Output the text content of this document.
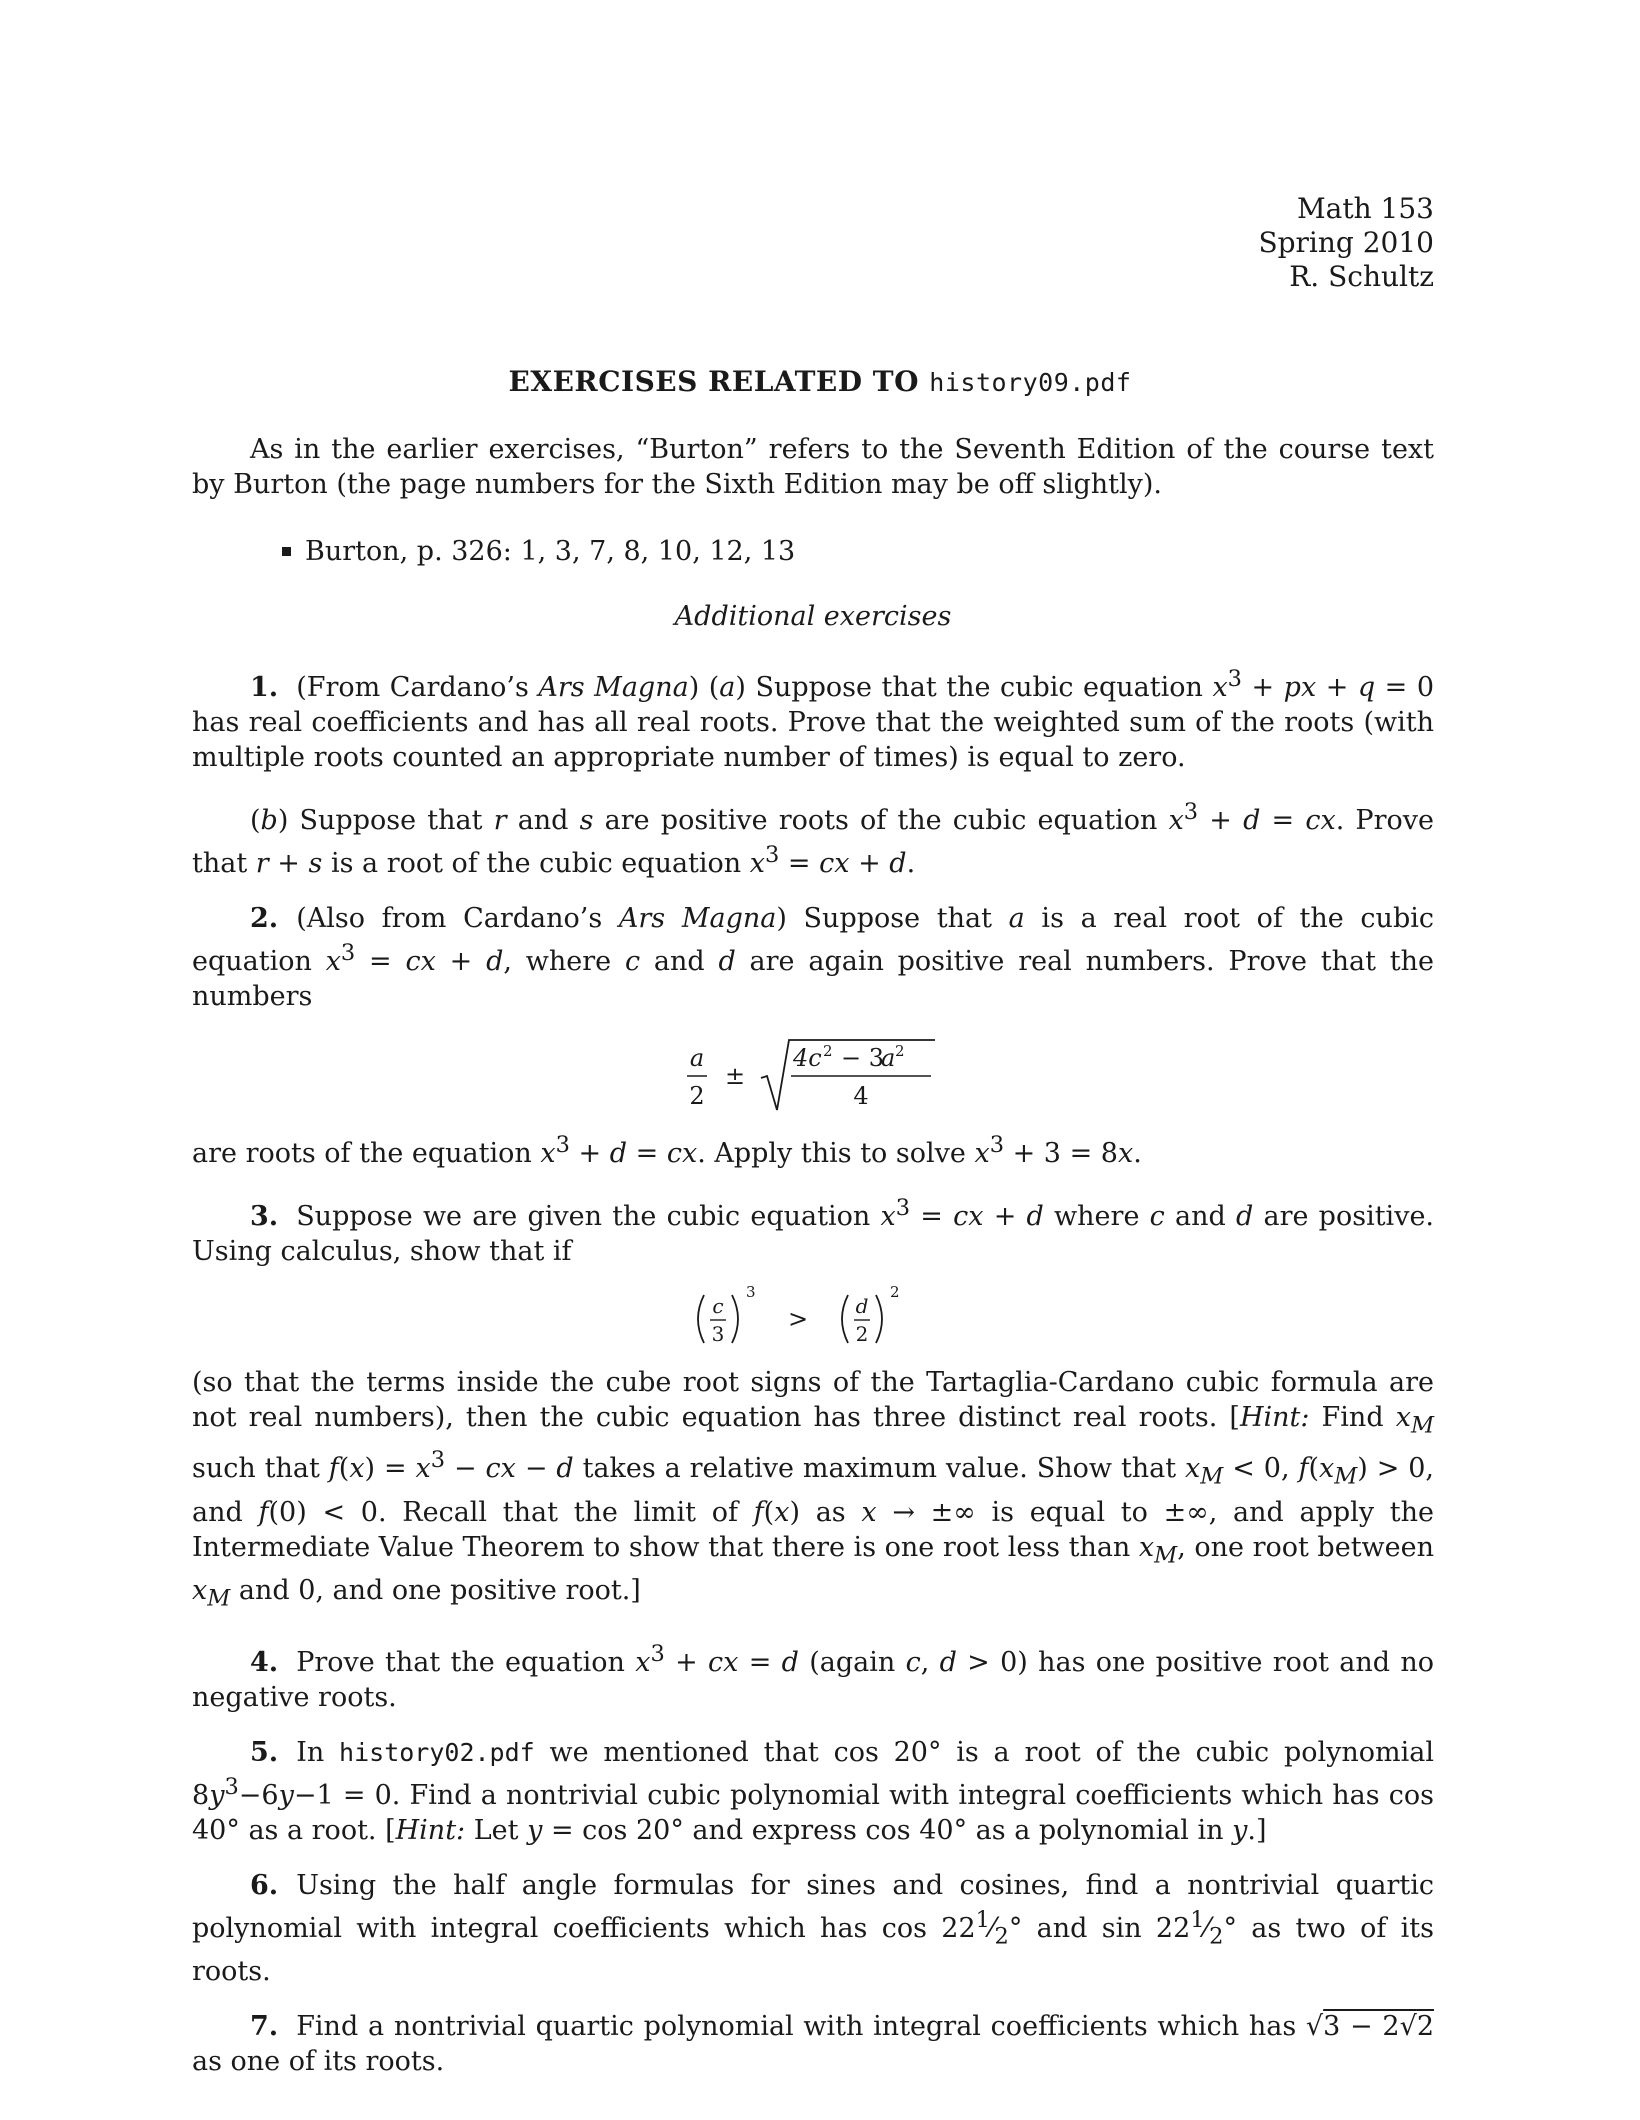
Math 153
Spring 2010
R. Schultz
EXERCISES RELATED TO history09.pdf

As in the earlier exercises, “Burton” refers to the Seventh Edition of the course text by Burton (the page numbers for the Sixth Edition may be off slightly).

Burton, p. 326: 1, 3, 7, 8, 10, 12, 13
Additional exercises

1. (From Cardano’s Ars Magna) (a) Suppose that the cubic equation $x^3$ + px + q = 0 has real coefficients and has all real roots. Prove that the weighted sum of the roots (with multiple roots counted an appropriate number of times) is equal to zero.

(b) Suppose that r and s are positive roots of the cubic equation $x^3 + d$ = cx. Prove that r + s is a root of the cubic equation $x^3$ = cx + d.

2. (Also from Cardano’s Ars Magna) Suppose that a is a real root of the cubic equation $x^3$ = cx + d, where c and d are again positive real numbers. Prove that the numbers

a
2
±
4c 2 − 3
a 2
4

are roots of the equation $x^3 + d$ = cx. Apply this to solve $x^3 + 3 = 8x$.

3. Suppose we are given the cubic equation $x^3$ = cx + d where c and d are positive. Using calculus, show that if

c
3
3
> d
2
2

(so that the terms inside the cube root signs of the Tartaglia-Cardano cubic formula are not real numbers), then the cubic equation has three distinct real roots. [Hint: Find $x_M$ such that $f(x) = x^3$ − cx − d takes a relative maximum value. Show that $x_M < 0$, $f(x_M) > 0$, and f(0) < 0. Recall that the limit of f(x) as x → ±∞ is equal to ±∞, and apply the Intermediate Value Theorem to show that there is one root less than $x_M$, one root between $x_M$ and 0, and one positive root.]

4. Prove that the equation $x^3$ + cx = d (again c, d > 0) has one positive root and no negative roots.

5. In history02.pdf we mentioned that cos 20° is a root of the cubic polynomial $8y^3-6y-1 = 0$. Find a nontrivial cubic polynomial with integral coefficients which has cos 40° as a root. [Hint: Let y = cos 20° and express cos 40° as a polynomial in y.]

6. Using the half angle formulas for sines and cosines, find a nontrivial quartic polynomial with integral coefficients which has $\cos 22^1⁄_2^\circ$ and $\sin 22^1⁄_2^\circ$ as two of its roots.

7. Find a nontrivial quartic polynomial with integral coefficients which has √3 − 2√2 as one of its roots.
